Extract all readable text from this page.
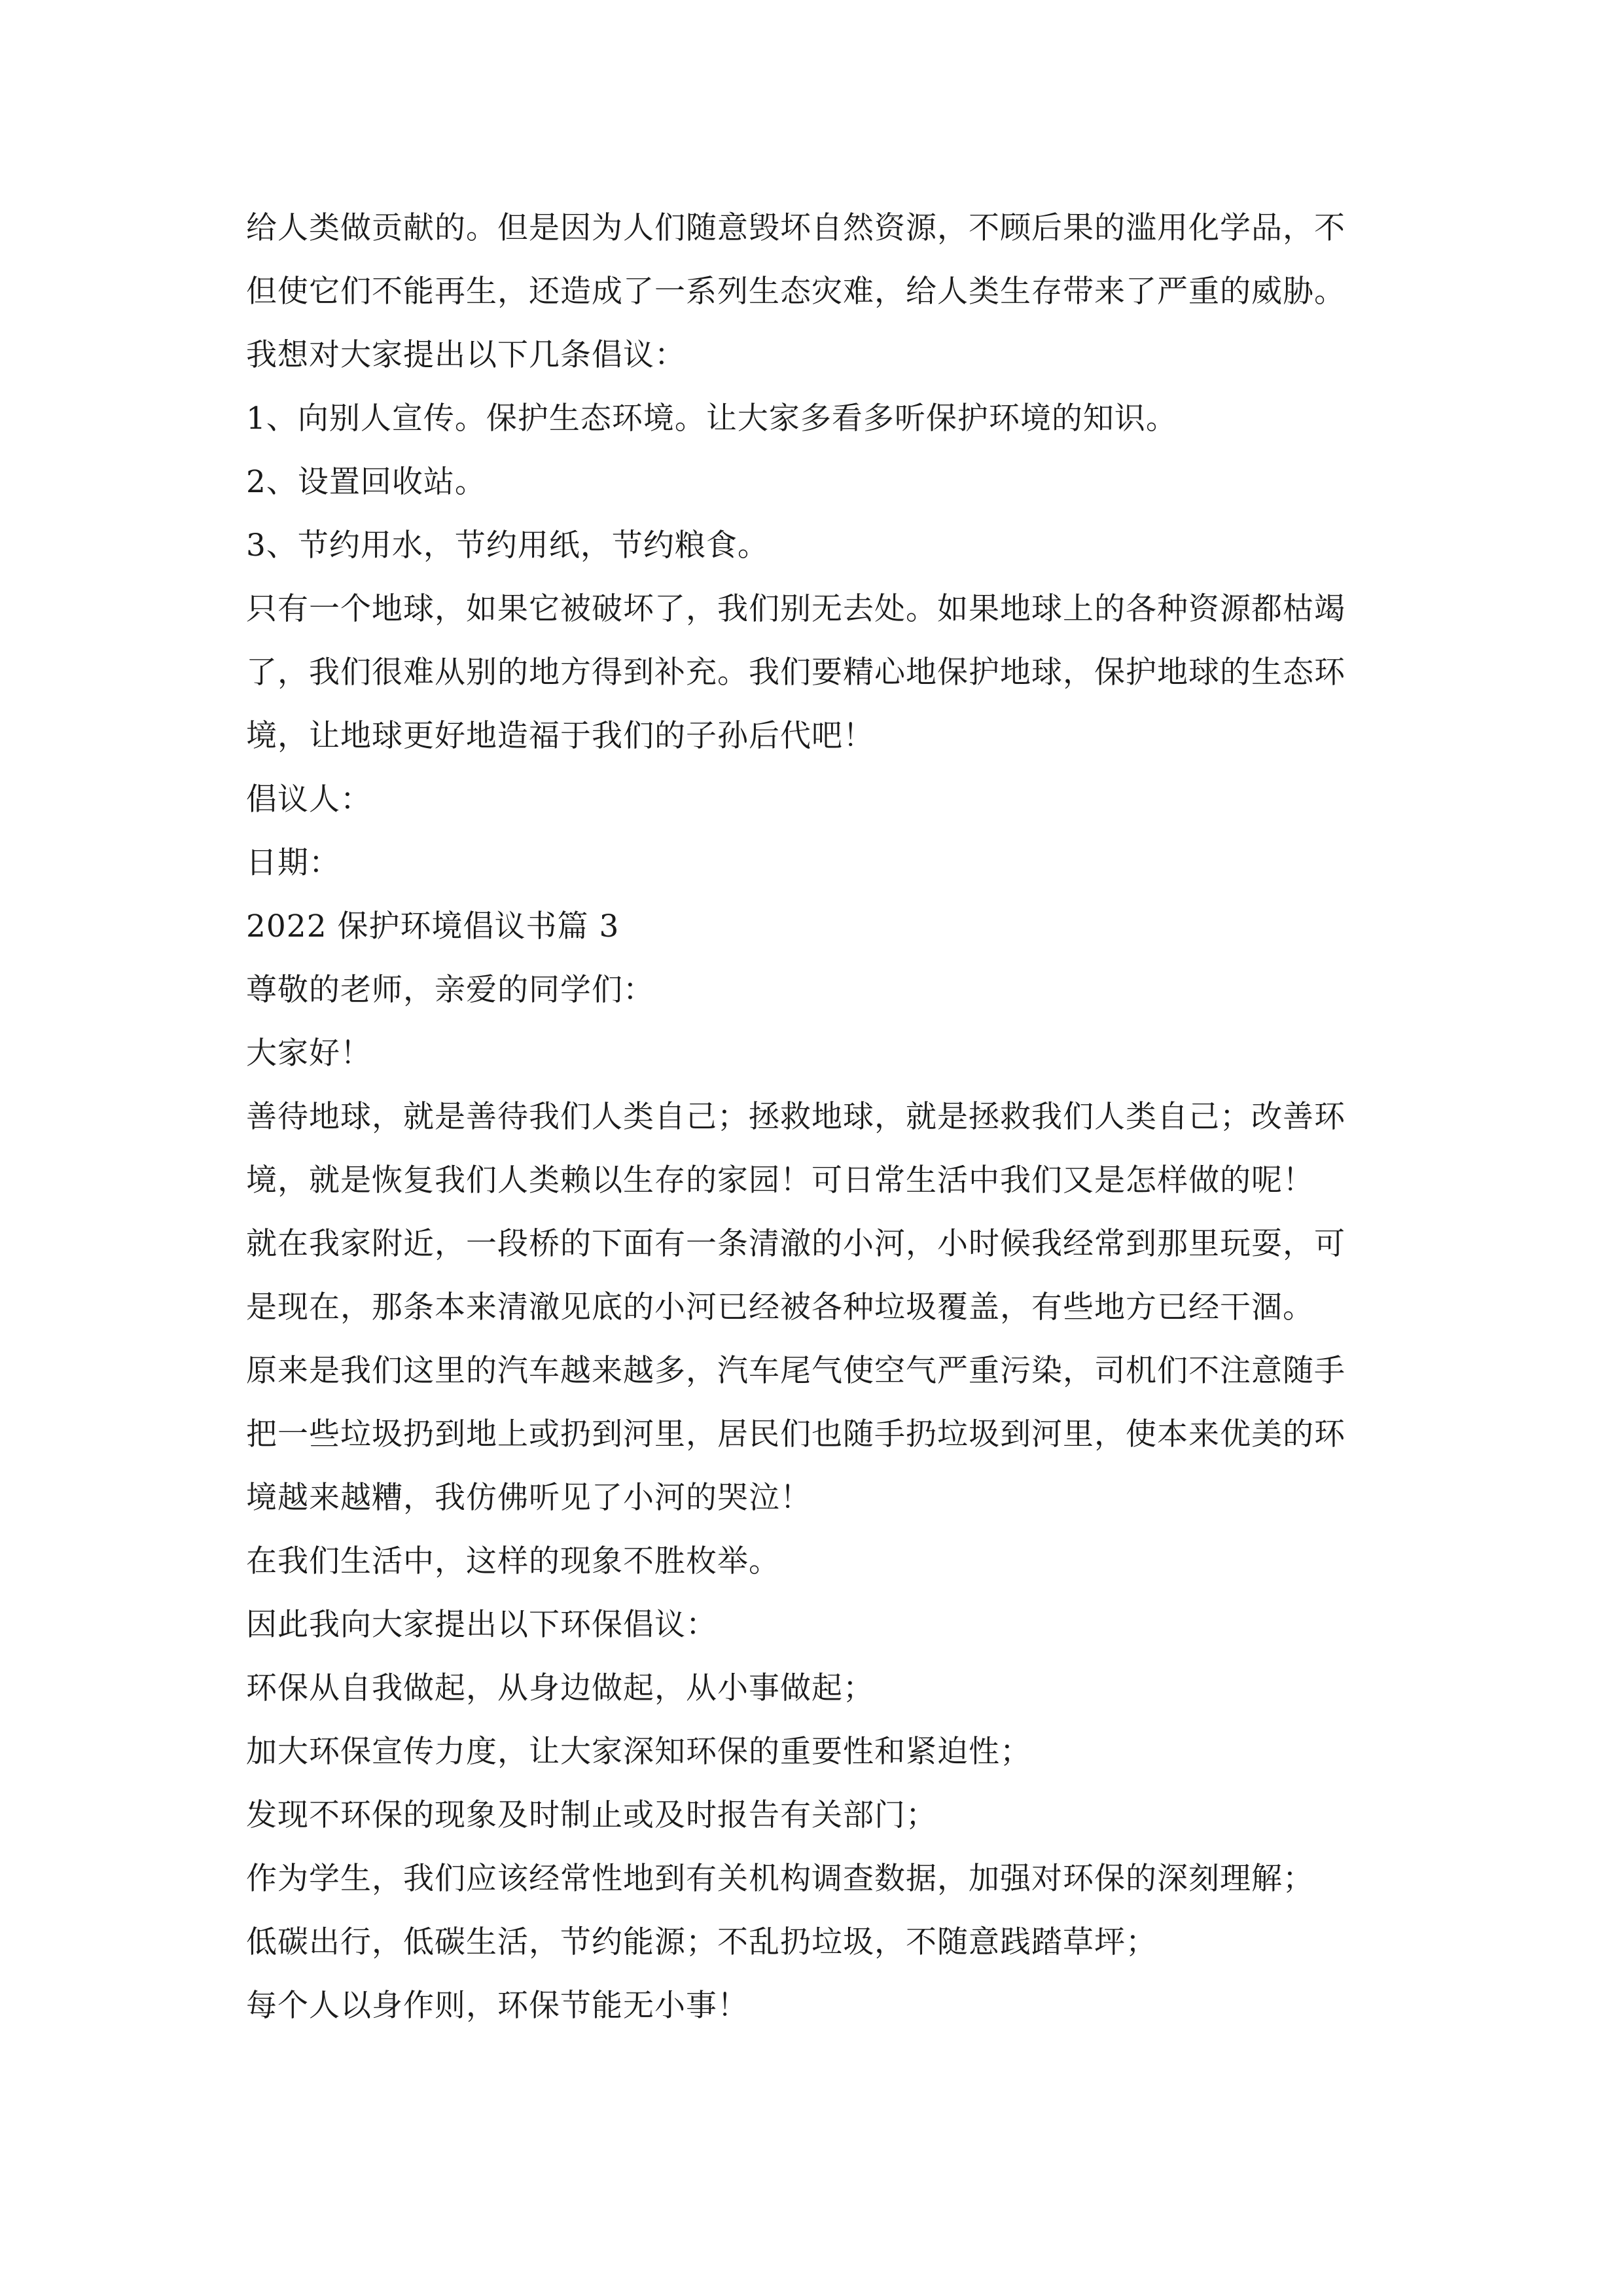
给人类做贡献的。但是因为人们随意毁坏自然资源，不顾后果的滥用化学品，不
但使它们不能再生，还造成了一系列生态灾难，给人类生存带来了严重的威胁。
我想对大家提出以下几条倡议：
1、向别人宣传。保护生态环境。让大家多看多听保护环境的知识。
2、设置回收站。
3、节约用水，节约用纸，节约粮食。
只有一个地球，如果它被破坏了，我们别无去处。如果地球上的各种资源都枯竭
了，我们很难从别的地方得到补充。我们要精心地保护地球，保护地球的生态环
境，让地球更好地造福于我们的子孙后代吧！
倡议人：
日期：
2022 保护环境倡议书篇 3
尊敬的老师，亲爱的同学们：
大家好！
善待地球，就是善待我们人类自己；拯救地球，就是拯救我们人类自己；改善环
境，就是恢复我们人类赖以生存的家园！可日常生活中我们又是怎样做的呢！
就在我家附近，一段桥的下面有一条清澈的小河，小时候我经常到那里玩耍，可
是现在，那条本来清澈见底的小河已经被各种垃圾覆盖，有些地方已经干涸。
原来是我们这里的汽车越来越多，汽车尾气使空气严重污染，司机们不注意随手
把一些垃圾扔到地上或扔到河里，居民们也随手扔垃圾到河里，使本来优美的环
境越来越糟，我仿佛听见了小河的哭泣！
在我们生活中，这样的现象不胜枚举。
因此我向大家提出以下环保倡议：
环保从自我做起，从身边做起，从小事做起；
加大环保宣传力度，让大家深知环保的重要性和紧迫性；
发现不环保的现象及时制止或及时报告有关部门；
作为学生，我们应该经常性地到有关机构调查数据，加强对环保的深刻理解；
低碳出行，低碳生活，节约能源；不乱扔垃圾，不随意践踏草坪；
每个人以身作则，环保节能无小事！
